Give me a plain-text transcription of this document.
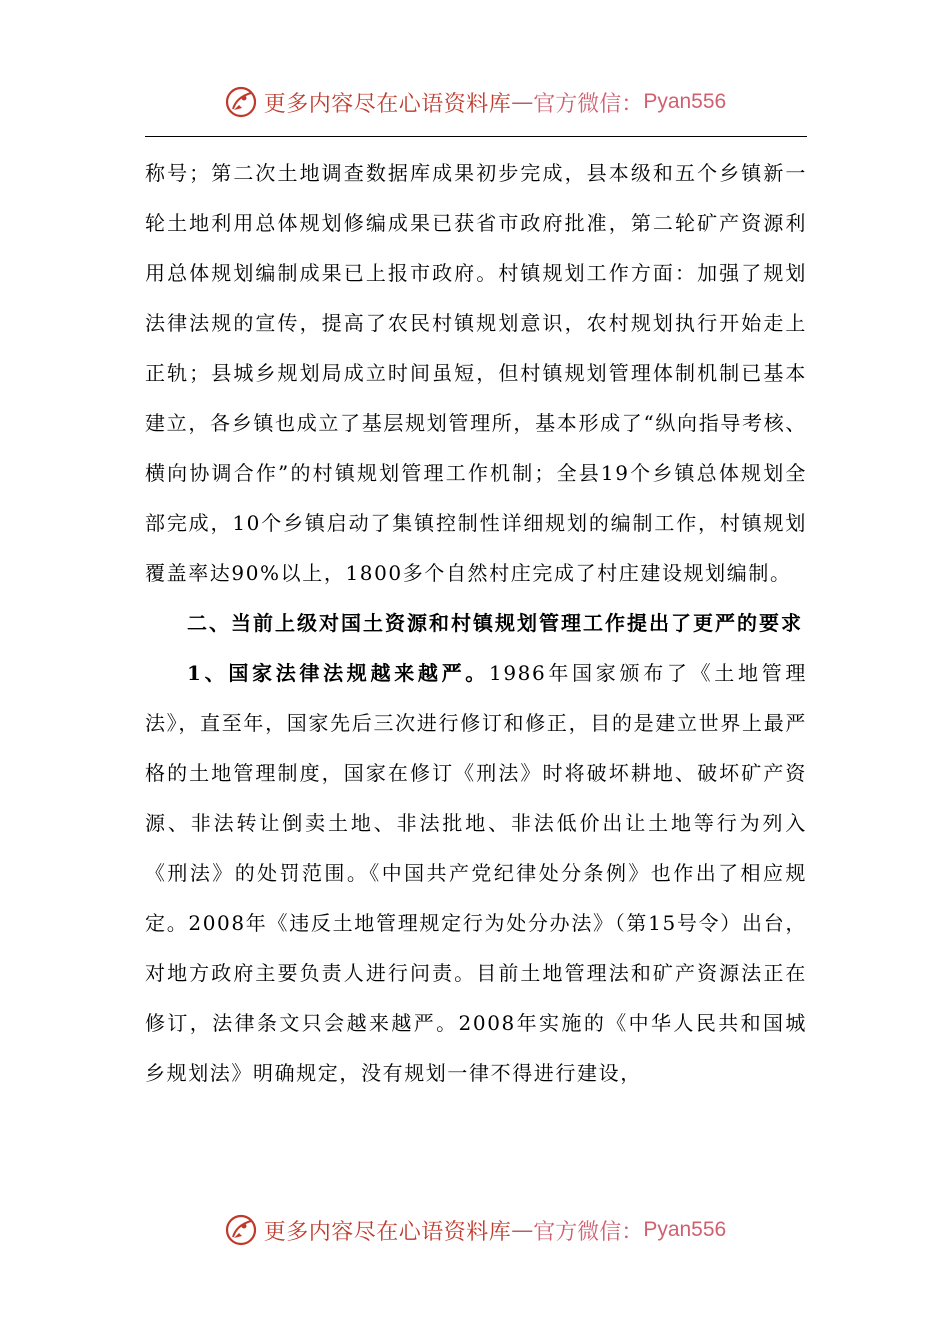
更多内容尽在心语资料库 — 官方微信： Pyan556

称号；第二次土地调查数据库成果初步完成，县本级和五个乡镇新一轮土地利用总体规划修编成果已获省市政府批准，第二轮矿产资源利用总体规划编制成果已上报市政府。村镇规划工作方面：加强了规划法律法规的宣传，提高了农民村镇规划意识，农村规划执行开始走上正轨；县城乡规划局成立时间虽短，但村镇规划管理体制机制已基本建立，各乡镇也成立了基层规划管理所，基本形成了“纵向指导考核、横向协调合作”的村镇规划管理工作机制；全县19个乡镇总体规划全部完成，10个乡镇启动了集镇控制性详细规划的编制工作，村镇规划覆盖率达90%以上，1800多个自然村庄完成了村庄建设规划编制。

二、当前上级对国土资源和村镇规划管理工作提出了更严的要求

1、国家法律法规越来越严。1986年国家颁布了《土地管理法》，直至年，国家先后三次进行修订和修正，目的是建立世界上最严格的土地管理制度，国家在修订《刑法》时将破坏耕地、破坏矿产资源、非法转让倒卖土地、非法批地、非法低价出让土地等行为列入《刑法》的处罚范围。《中国共产党纪律处分条例》也作出了相应规定。2008年《违反土地管理规定行为处分办法》（第15号令）出台，对地方政府主要负责人进行问责。目前土地管理法和矿产资源法正在修订，法律条文只会越来越严。2008年实施的《中华人民共和国城乡规划法》明确规定，没有规划一律不得进行建设，

更多内容尽在心语资料库 — 官方微信： Pyan556
